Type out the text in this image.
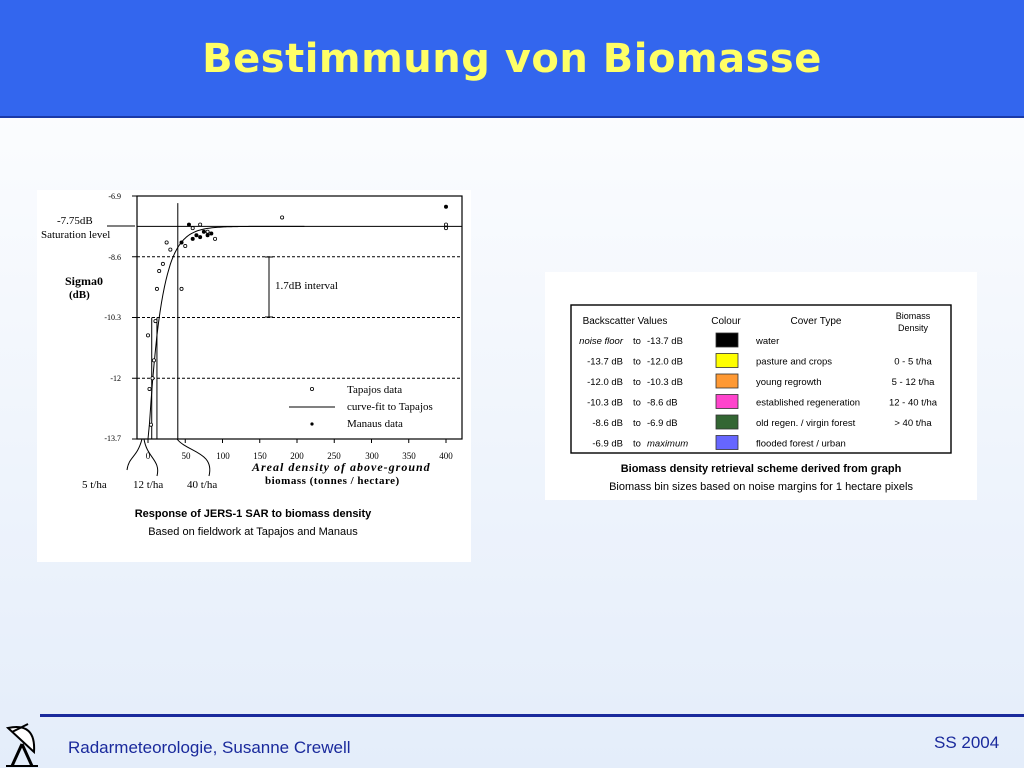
Bestimmung von Biomasse
-6.9
-8.6
-10.3
-12
-13.7
0	50	100	150	200	250	300	350	400
-7.75dB
Saturation level
Sigma0
(dB)
1.7dB interval
Tapajos data
curve-fit to Tapajos
Manaus data
Areal density of above-ground
biomass (tonnes / hectare)
5 t/ha 12 t/ha 40 t/ha
Response of JERS-1 SAR to biomass density
Based on fieldwork at Tapajos and Manaus
Backscatter Values	Colour	Cover Type	Biomass
Density
noise floor to -13.7 dB	water
-13.7 dB to -12.0 dB	pasture and crops	0 - 5 t/ha
-12.0 dB to -10.3 dB	young regrowth	5 - 12 t/ha
-10.3 dB to -8.6 dB	established regeneration	12 - 40 t/ha
-8.6 dB to -6.9 dB	old regen. / virgin forest	> 40 t/ha
-6.9 dB to maximum	flooded forest / urban
Biomass density retrieval scheme derived from graph
Biomass bin sizes based on noise margins for 1 hectare pixels
Radarmeteorologie, Susanne Crewell	SS 2004
